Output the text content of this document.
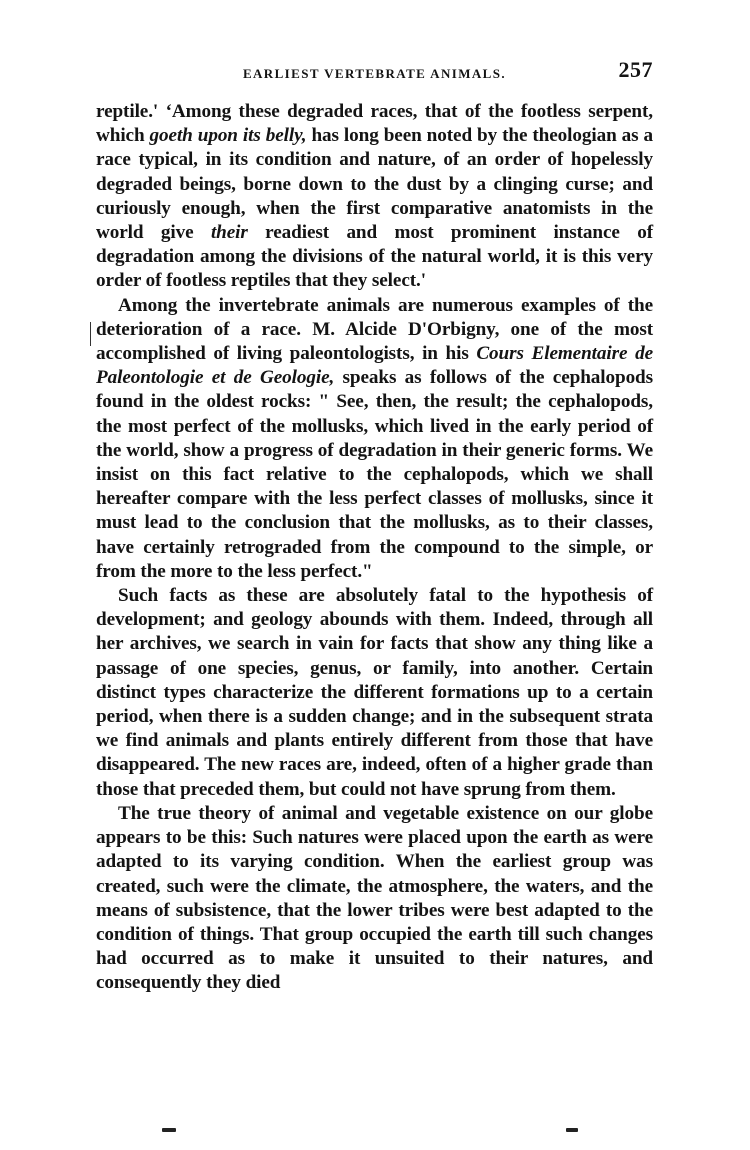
EARLIEST VERTEBRATE ANIMALS.	257

reptile.' ‘Among these degraded races, that of the footless serpent, which goeth upon its belly, has long been noted by the theologian as a race typical, in its condition and nature, of an order of hopelessly degraded beings, borne down to the dust by a clinging curse; and curiously enough, when the first comparative anatomists in the world give their readiest and most prominent instance of degradation among the divisions of the natural world, it is this very order of footless reptiles that they select.'

Among the invertebrate animals are numerous examples of the deterioration of a race. M. Alcide D'Orbigny, one of the most accomplished of living paleontologists, in his Cours Elementaire de Paleontologie et de Geologie, speaks as follows of the cephalopods found in the oldest rocks: " See, then, the result; the cephalopods, the most perfect of the mollusks, which lived in the early period of the world, show a progress of degradation in their generic forms. We insist on this fact relative to the cephalopods, which we shall hereafter compare with the less perfect classes of mollusks, since it must lead to the conclusion that the mollusks, as to their classes, have certainly retrograded from the compound to the simple, or from the more to the less perfect."

Such facts as these are absolutely fatal to the hypothesis of development; and geology abounds with them. Indeed, through all her archives, we search in vain for facts that show any thing like a passage of one species, genus, or family, into another. Certain distinct types characterize the different formations up to a certain period, when there is a sudden change; and in the subsequent strata we find animals and plants entirely different from those that have disappeared. The new races are, indeed, often of a higher grade than those that preceded them, but could not have sprung from them.

The true theory of animal and vegetable existence on our globe appears to be this: Such natures were placed upon the earth as were adapted to its varying condition. When the earliest group was created, such were the climate, the atmosphere, the waters, and the means of subsistence, that the lower tribes were best adapted to the condition of things. That group occupied the earth till such changes had occurred as to make it unsuited to their natures, and consequently they died
